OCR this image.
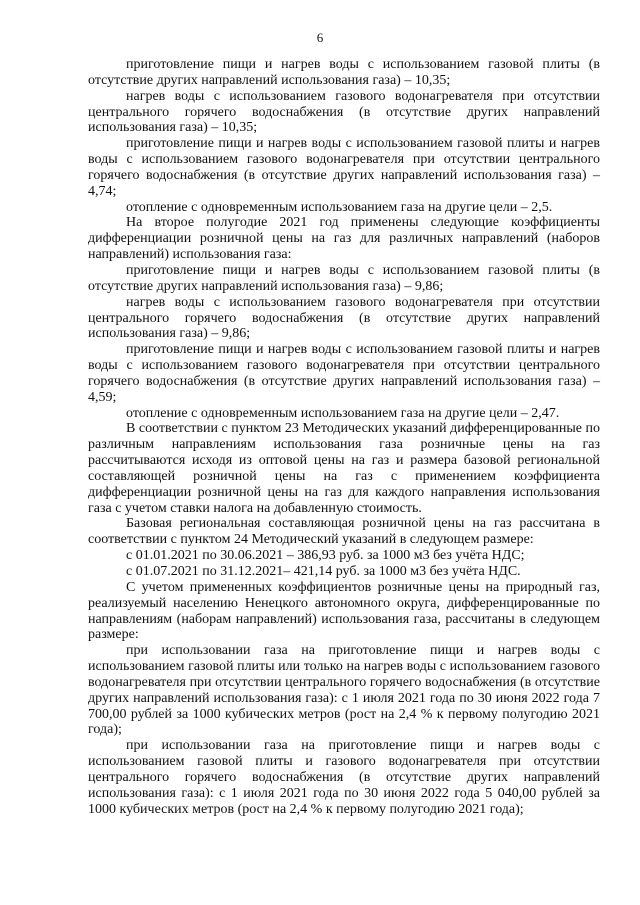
6

приготовление пищи и нагрев воды с использованием газовой плиты (в отсутствие других направлений использования газа) – 10,35;

нагрев воды с использованием газового водонагревателя при отсутствии центрального горячего водоснабжения (в отсутствие других направлений использования газа) – 10,35;

приготовление пищи и нагрев воды с использованием газовой плиты и нагрев воды с использованием газового водонагревателя при отсутствии центрального горячего водоснабжения (в отсутствие других направлений использования газа) – 4,74;

отопление с одновременным использованием газа на другие цели – 2,5.

На второе полугодие 2021 год применены следующие коэффициенты дифференциации розничной цены на газ для различных направлений (наборов направлений) использования газа:

приготовление пищи и нагрев воды с использованием газовой плиты (в отсутствие других направлений использования газа) – 9,86;

нагрев воды с использованием газового водонагревателя при отсутствии центрального горячего водоснабжения (в отсутствие других направлений использования газа) – 9,86;

приготовление пищи и нагрев воды с использованием газовой плиты и нагрев воды с использованием газового водонагревателя при отсутствии центрального горячего водоснабжения (в отсутствие других направлений использования газа) – 4,59;

отопление с одновременным использованием газа на другие цели – 2,47.

В соответствии с пунктом 23 Методических указаний дифференцированные по различным направлениям использования газа розничные цены на газ рассчитываются исходя из оптовой цены на газ и размера базовой региональной составляющей розничной цены на газ с применением коэффициента дифференциации розничной цены на газ для каждого направления использования газа с учетом ставки налога на добавленную стоимость.

Базовая региональная составляющая розничной цены на газ рассчитана в соответствии с пунктом 24 Методический указаний в следующем размере:

с 01.01.2021 по 30.06.2021 – 386,93 руб. за 1000 м3 без учёта НДС;

с 01.07.2021 по 31.12.2021– 421,14 руб. за 1000 м3 без учёта НДС.

С учетом примененных коэффициентов розничные цены на природный газ, реализуемый населению Ненецкого автономного округа, дифференцированные по направлениям (наборам направлений) использования газа, рассчитаны в следующем размере:

при использовании газа на приготовление пищи и нагрев воды с использованием газовой плиты или только на нагрев воды с использованием газового водонагревателя при отсутствии центрального горячего водоснабжения (в отсутствие других направлений использования газа): с 1 июля 2021 года по 30 июня 2022 года 7 700,00 рублей за 1000 кубических метров (рост на 2,4 % к первому полугодию 2021 года);

при использовании газа на приготовление пищи и нагрев воды с использованием газовой плиты и газового водонагревателя при отсутствии центрального горячего водоснабжения (в отсутствие других направлений использования газа): с 1 июля 2021 года по 30 июня 2022 года 5 040,00 рублей за 1000 кубических метров (рост на 2,4 % к первому полугодию 2021 года);
